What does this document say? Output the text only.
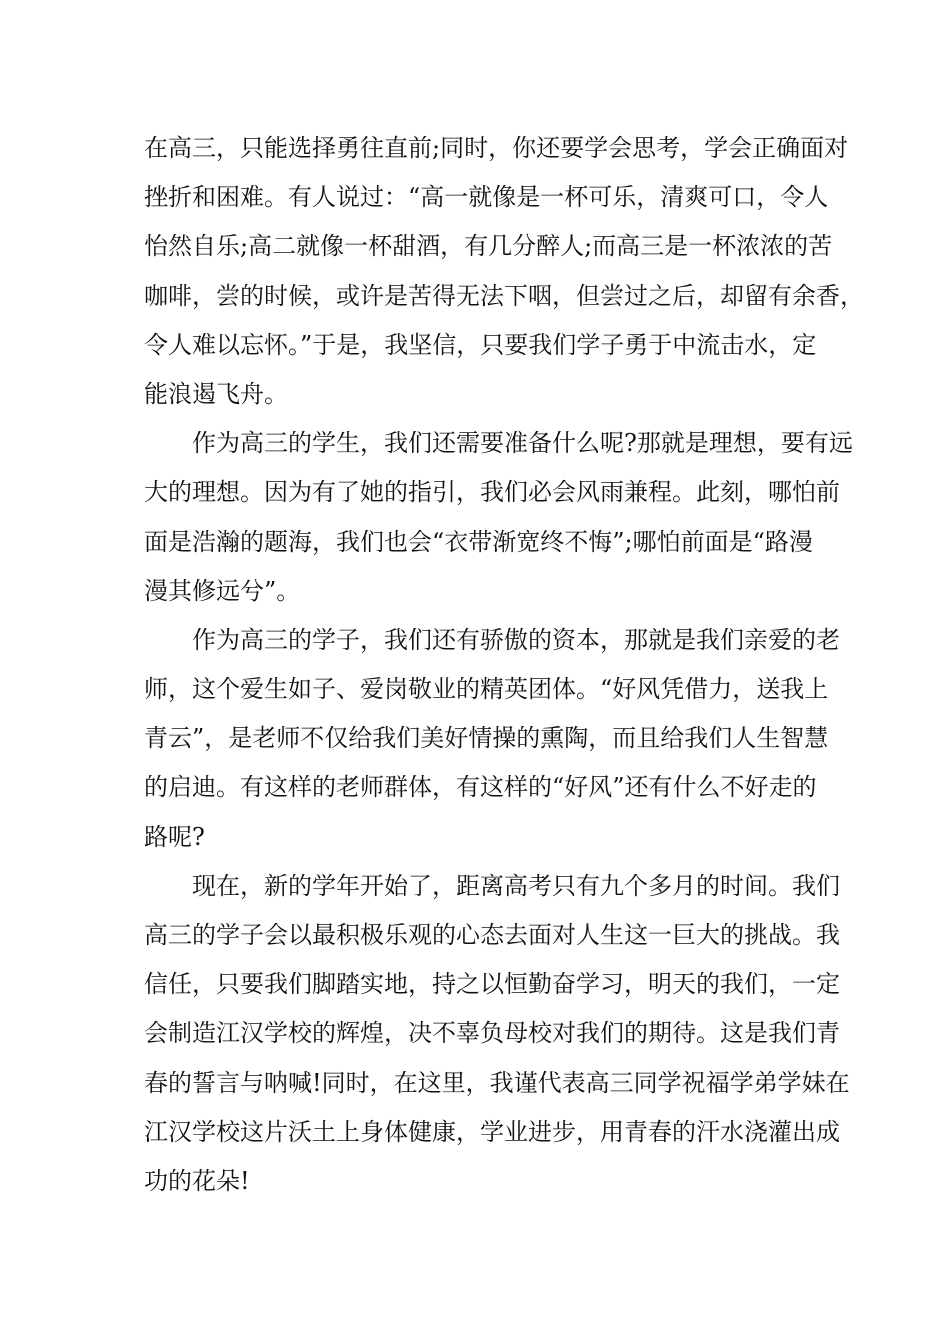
在高三，只能选择勇往直前;同时，你还要学会思考，学会正确面对
挫折和困难。有人说过：“高一就像是一杯可乐，清爽可口，令人
怡然自乐;高二就像一杯甜酒，有几分醉人;而高三是一杯浓浓的苦
咖啡，尝的时候，或许是苦得无法下咽，但尝过之后，却留有余香，
令人难以忘怀。”于是，我坚信，只要我们学子勇于中流击水，定
能浪遏飞舟。
作为高三的学生，我们还需要准备什么呢?那就是理想，要有远
大的理想。因为有了她的指引，我们必会风雨兼程。此刻，哪怕前
面是浩瀚的题海，我们也会“衣带渐宽终不悔”;哪怕前面是“路漫
漫其修远兮”。
作为高三的学子，我们还有骄傲的资本，那就是我们亲爱的老
师，这个爱生如子、爱岗敬业的精英团体。“好风凭借力，送我上
青云”，是老师不仅给我们美好情操的熏陶，而且给我们人生智慧
的启迪。有这样的老师群体，有这样的“好风”还有什么不好走的
路呢?
现在，新的学年开始了，距离高考只有九个多月的时间。我们
高三的学子会以最积极乐观的心态去面对人生这一巨大的挑战。我
信任，只要我们脚踏实地，持之以恒勤奋学习，明天的我们，一定
会制造江汉学校的辉煌，决不辜负母校对我们的期待。这是我们青
春的誓言与呐喊!同时，在这里，我谨代表高三同学祝福学弟学妹在
江汉学校这片沃土上身体健康，学业进步，用青春的汗水浇灌出成
功的花朵!
